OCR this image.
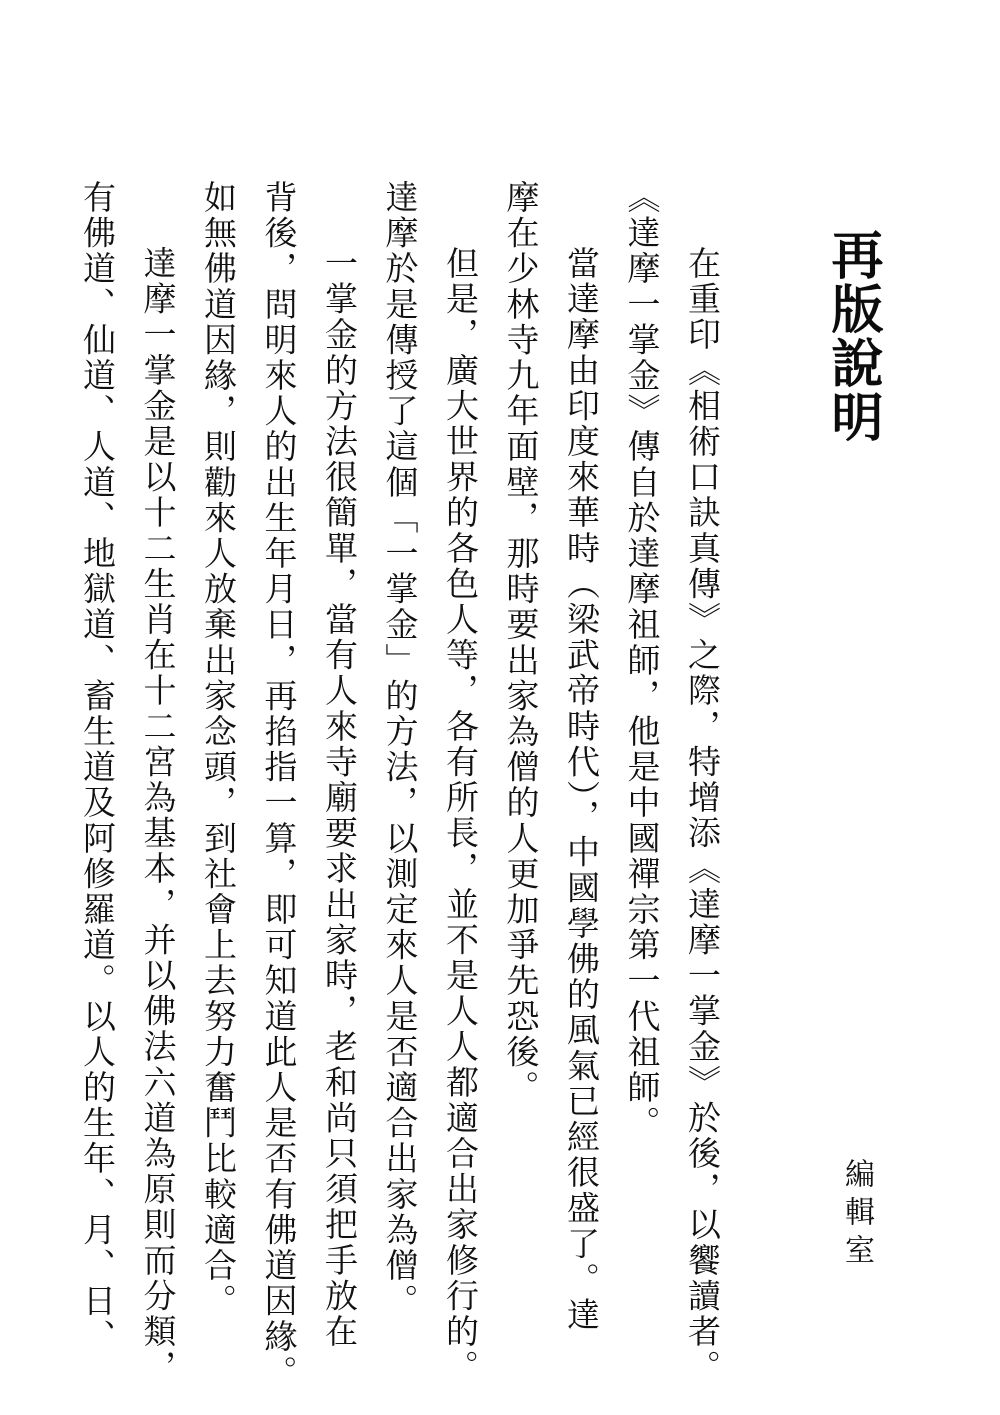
再版說明
編輯室
在重印《相術口訣真傳》之際，特增添《達摩一掌金》於後，以饗讀者。
《達摩一掌金》傳自於達摩祖師，他是中國禪宗第一代祖師。
當達摩由印度來華時（梁武帝時代），中國學佛的風氣已經很盛了。達
摩在少林寺九年面壁，那時要出家為僧的人更加爭先恐後。
但是，廣大世界的各色人等，各有所長，並不是人人都適合出家修行的。
達摩於是傳授了這個「一掌金」的方法，以測定來人是否適合出家為僧。
一掌金的方法很簡單，當有人來寺廟要求出家時，老和尚只須把手放在
背後，問明來人的出生年月日，再掐指一算，即可知道此人是否有佛道因緣。
如無佛道因緣，則勸來人放棄出家念頭，到社會上去努力奮鬥比較適合。
達摩一掌金是以十二生肖在十二宮為基本，并以佛法六道為原則而分類，
有佛道、仙道、人道、地獄道、畜生道及阿修羅道。以人的生年、月、日、
